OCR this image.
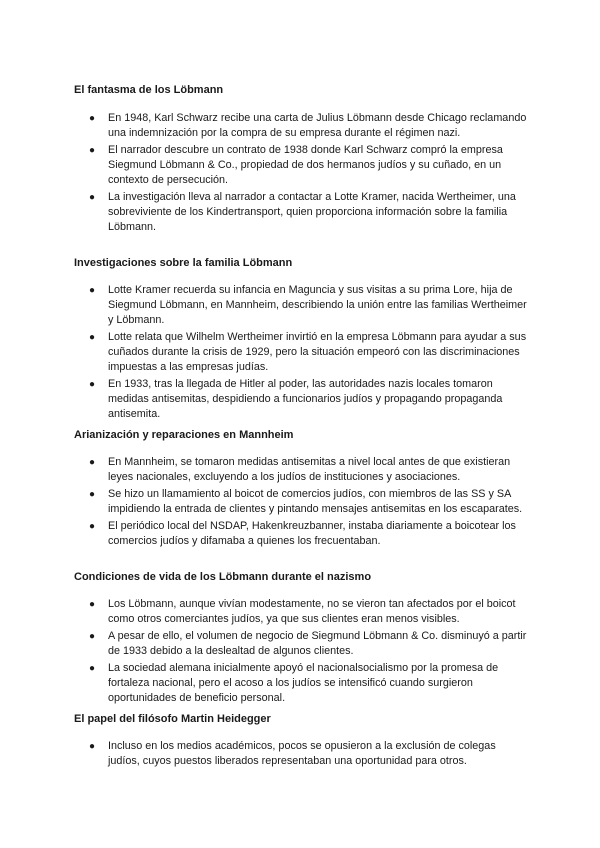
El fantasma de los Löbmann
● En 1948, Karl Schwarz recibe una carta de Julius Löbmann desde Chicago reclamando una indemnización por la compra de su empresa durante el régimen nazi.
● El narrador descubre un contrato de 1938 donde Karl Schwarz compró la empresa Siegmund Löbmann & Co., propiedad de dos hermanos judíos y su cuñado, en un contexto de persecución.
● La investigación lleva al narrador a contactar a Lotte Kramer, nacida Wertheimer, una sobreviviente de los Kindertransport, quien proporciona información sobre la familia Löbmann.
Investigaciones sobre la familia Löbmann
● Lotte Kramer recuerda su infancia en Maguncia y sus visitas a su prima Lore, hija de Siegmund Löbmann, en Mannheim, describiendo la unión entre las familias Wertheimer y Löbmann.
● Lotte relata que Wilhelm Wertheimer invirtió en la empresa Löbmann para ayudar a sus cuñados durante la crisis de 1929, pero la situación empeoró con las discriminaciones impuestas a las empresas judías.
● En 1933, tras la llegada de Hitler al poder, las autoridades nazis locales tomaron medidas antisemitas, despidiendo a funcionarios judíos y propagando propaganda antisemita.
Arianización y reparaciones en Mannheim
● En Mannheim, se tomaron medidas antisemitas a nivel local antes de que existieran leyes nacionales, excluyendo a los judíos de instituciones y asociaciones.
● Se hizo un llamamiento al boicot de comercios judíos, con miembros de las SS y SA impidiendo la entrada de clientes y pintando mensajes antisemitas en los escaparates.
● El periódico local del NSDAP, Hakenkreuzbanner, instaba diariamente a boicotear los comercios judíos y difamaba a quienes los frecuentaban.
Condiciones de vida de los Löbmann durante el nazismo
● Los Löbmann, aunque vivían modestamente, no se vieron tan afectados por el boicot como otros comerciantes judíos, ya que sus clientes eran menos visibles.
● A pesar de ello, el volumen de negocio de Siegmund Löbmann & Co. disminuyó a partir de 1933 debido a la deslealtad de algunos clientes.
● La sociedad alemana inicialmente apoyó el nacionalsocialismo por la promesa de fortaleza nacional, pero el acoso a los judíos se intensificó cuando surgieron oportunidades de beneficio personal.
El papel del filósofo Martin Heidegger
● Incluso en los medios académicos, pocos se opusieron a la exclusión de colegas judíos, cuyos puestos liberados representaban una oportunidad para otros.
